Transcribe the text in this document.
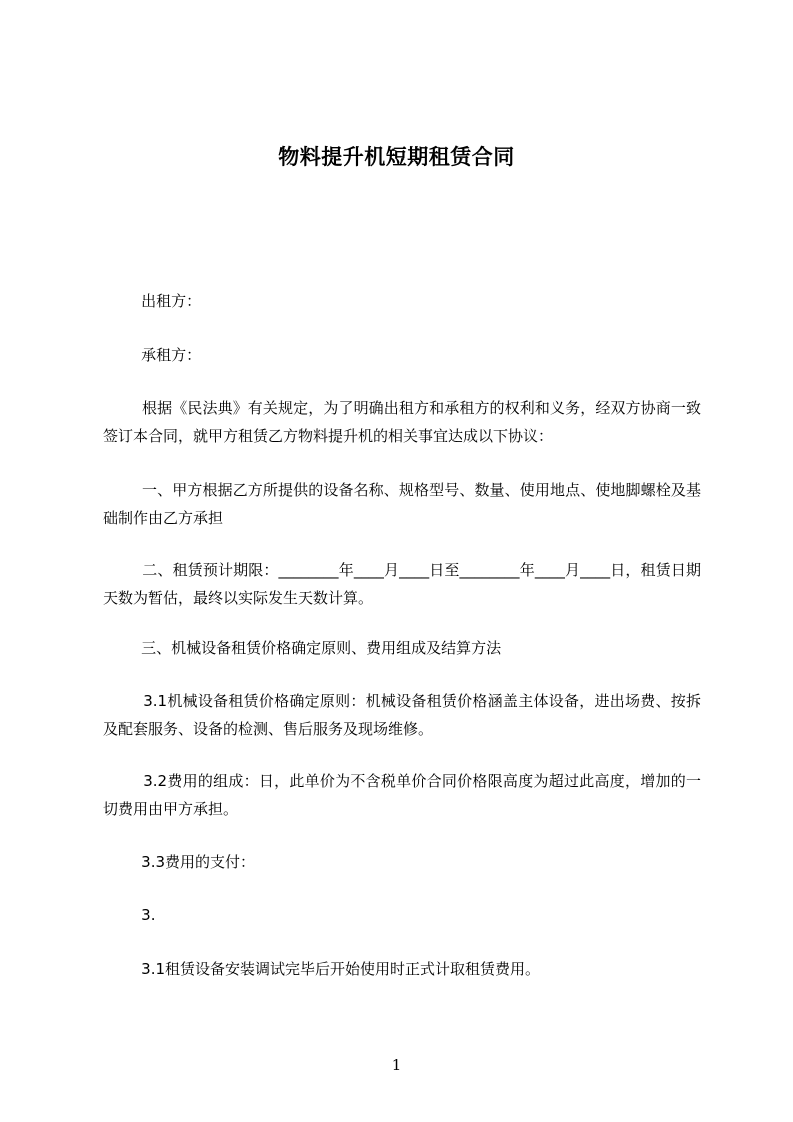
物料提升机短期租赁合同
出租方：
承租方：
根据《民法典》有关规定，为了明确出租方和承租方的权利和义务，经双方协商一致签订本合同，就甲方租赁乙方物料提升机的相关事宜达成以下协议：
一、甲方根据乙方所提供的设备名称、规格型号、数量、使用地点、使地脚螺栓及基础制作由乙方承担
二、租赁预计期限：________年____月____日至________年____月____日，租赁日期天数为暂估，最终以实际发生天数计算。
三、机械设备租赁价格确定原则、费用组成及结算方法
3.1机械设备租赁价格确定原则：机械设备租赁价格涵盖主体设备，进出场费、按拆及配套服务、设备的检测、售后服务及现场维修。
3.2费用的组成：日，此单价为不含税单价合同价格限高度为超过此高度，增加的一切费用由甲方承担。
3.3费用的支付：
3.
3.1租赁设备安装调试完毕后开始使用时正式计取租赁费用。
1
